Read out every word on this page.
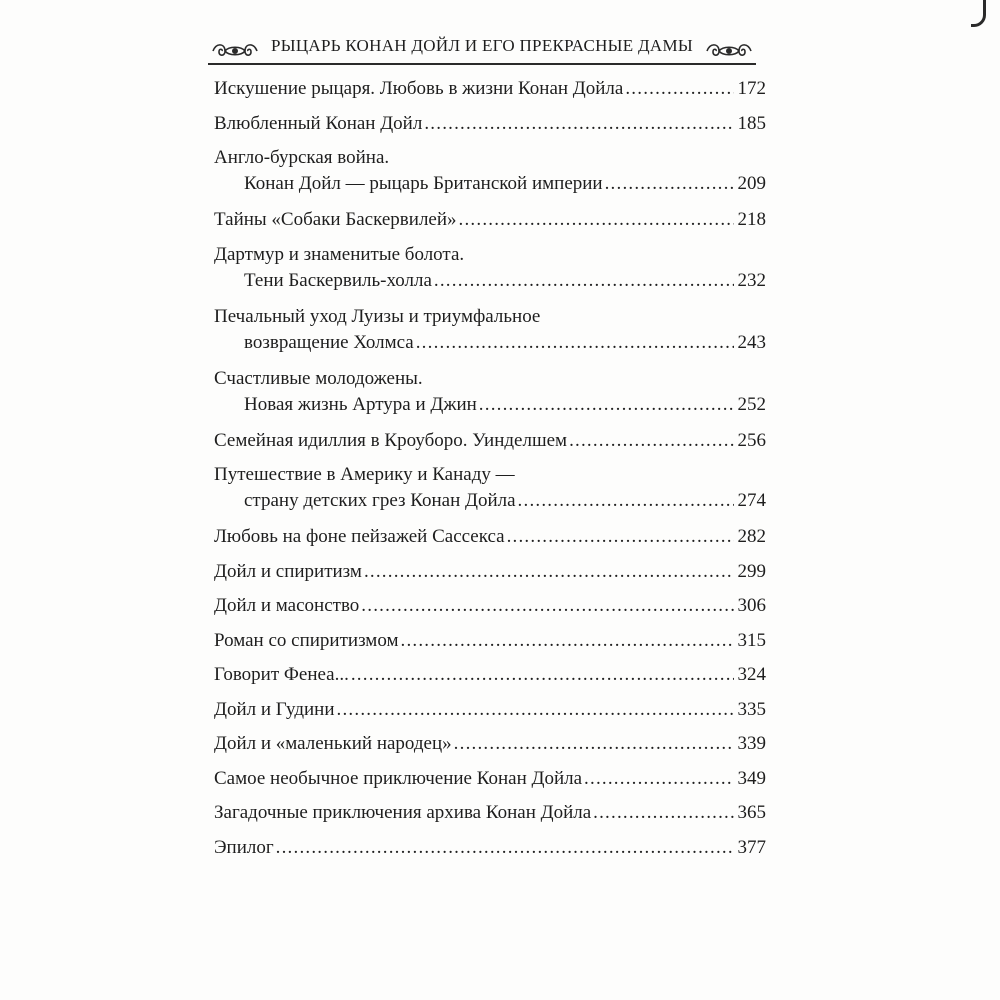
РЫЦАРЬ КОНАН ДОЙЛ И ЕГО ПРЕКРАСНЫЕ ДАМЫ
Искушение рыцаря. Любовь в жизни Конан Дойла .....	172
Влюбленный Конан Дойл .....	185
Англо-бурская война.
Конан Дойл — рыцарь Британской империи .....	209
Тайны «Собаки Баскервилей» .....	218
Дартмур и знаменитые болота.
Тени Баскервиль-холла .....	232
Печальный уход Луизы и триумфальное
возвращение Холмса .....	243
Счастливые молодожены.
Новая жизнь Артура и Джин .....	252
Семейная идиллия в Кроуборо. Уинделшем .....	256
Путешествие в Америку и Канаду —
страну детских грез Конан Дойла .....	274
Любовь на фоне пейзажей Сассекса .....	282
Дойл и спиритизм .....	299
Дойл и масонство .....	306
Роман со спиритизмом .....	315
Говорит Фенеа... .....	324
Дойл и Гудини .....	335
Дойл и «маленький народец» .....	339
Самое необычное приключение Конан Дойла .....	349
Загадочные приключения архива Конан Дойла .....	365
Эпилог .....	377
